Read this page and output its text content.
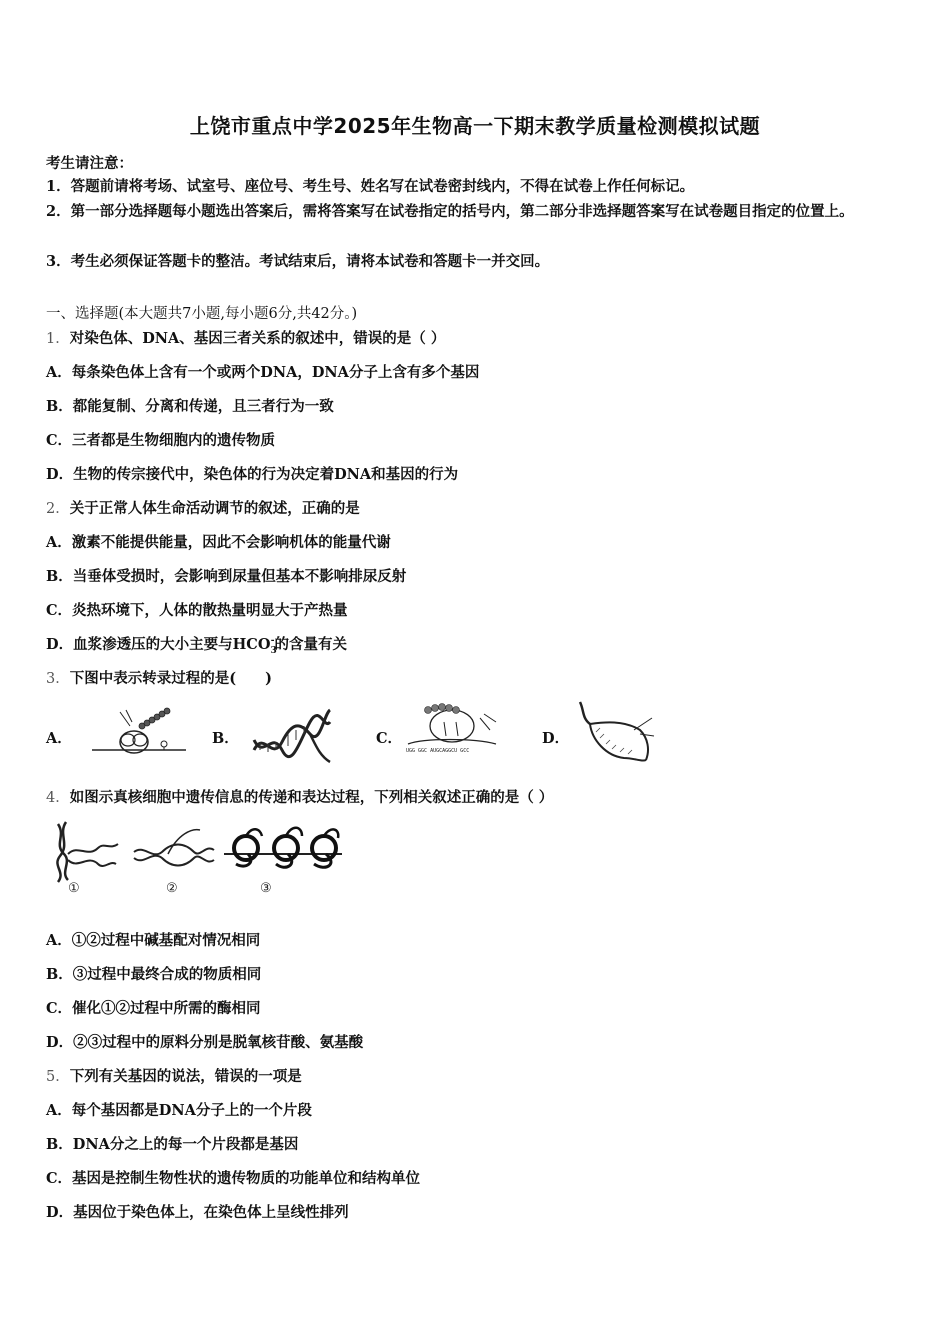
上饶市重点中学2025年生物高一下期末教学质量检测模拟试题
考生请注意：
1．答题前请将考场、试室号、座位号、考生号、姓名写在试卷密封线内，不得在试卷上作任何标记。
2．第一部分选择题每小题选出答案后，需将答案写在试卷指定的括号内，第二部分非选择题答案写在试卷题目指定的位置上。
3．考生必须保证答题卡的整洁。考试结束后，请将本试卷和答题卡一并交回。
一、选择题(本大题共7小题,每小题6分,共42分。)
1．对染色体、DNA、基因三者关系的叙述中，错误的是（ ）
A．每条染色体上含有一个或两个DNA，DNA分子上含有多个基因
B．都能复制、分离和传递，且三者行为一致
C．三者都是生物细胞内的遗传物质
D．生物的传宗接代中，染色体的行为决定着DNA和基因的行为
2．关于正常人体生命活动调节的叙述，正确的是
A．激素不能提供能量，因此不会影响机体的能量代谢
B．当垂体受损时，会影响到尿量但基本不影响排尿反射
C．炎热环境下，人体的散热量明显大于产热量
D．血浆渗透压的大小主要与$HCO_3^-$的含量有关
3．下图中表示转录过程的是(　　)
A．	B．	C．
UGG GGC AUGCAGGCU GCC
D．
4．如图示真核细胞中遗传信息的传递和表达过程，下列相关叙述正确的是（ ）
①	②	③
A．①②过程中碱基配对情况相同
B．③过程中最终合成的物质相同
C．催化①②过程中所需的酶相同
D．②③过程中的原料分别是脱氧核苷酸、氨基酸
5．下列有关基因的说法，错误的一项是
A．每个基因都是DNA分子上的一个片段
B．DNA分之上的每一个片段都是基因
C．基因是控制生物性状的遗传物质的功能单位和结构单位
D．基因位于染色体上，在染色体上呈线性排列
